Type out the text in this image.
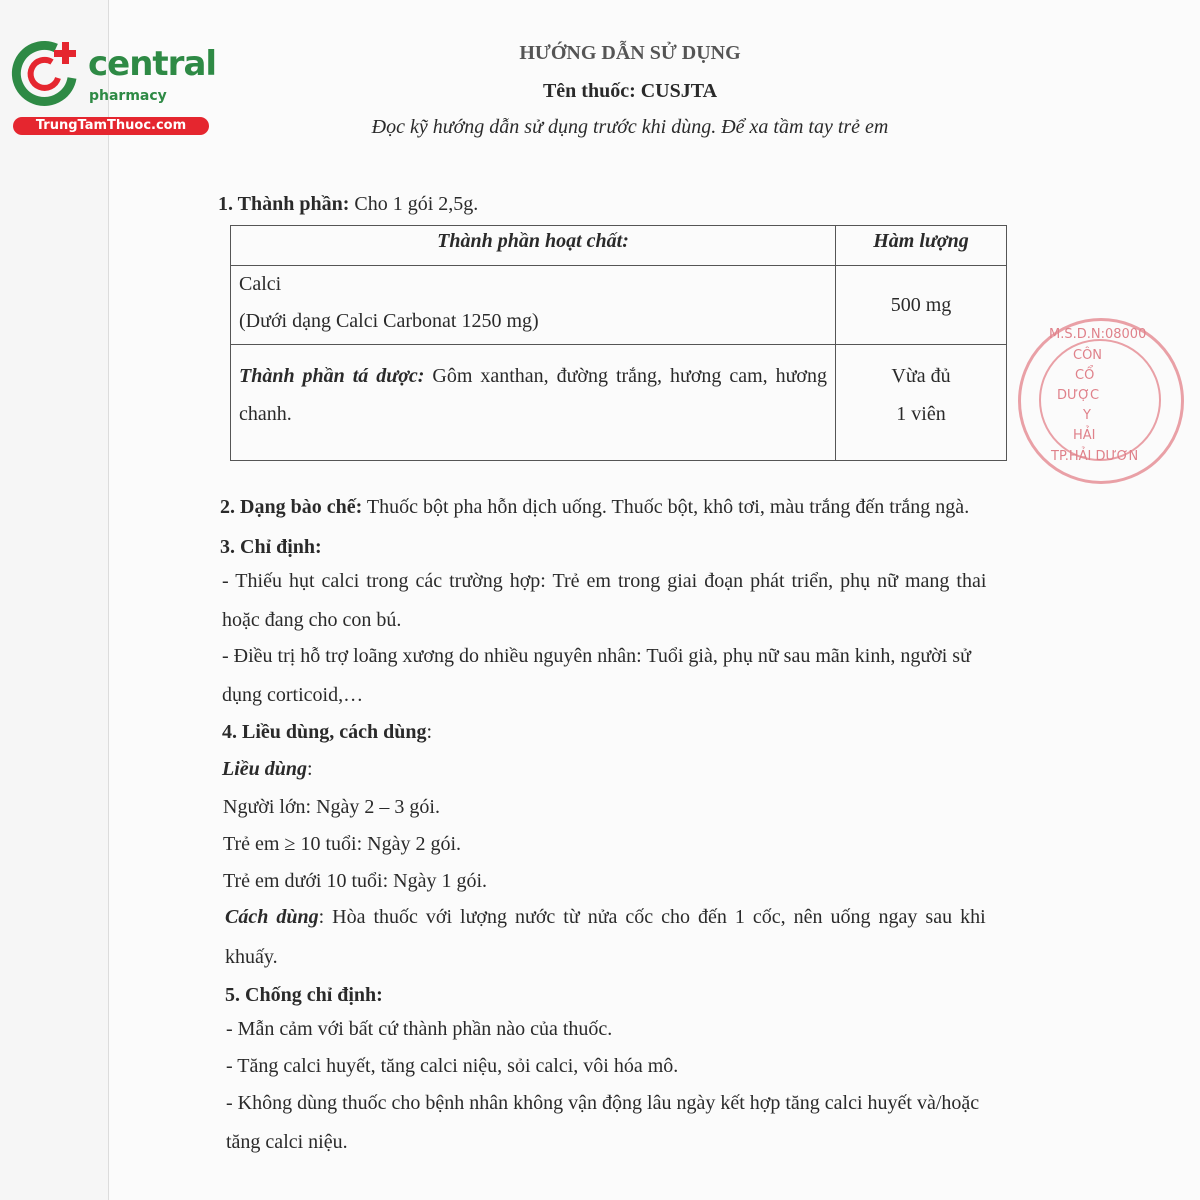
central
pharmacy
TrungTamThuoc.com
HƯỚNG DẪN SỬ DỤNG
Tên thuốc: CUSJTA
Đọc kỹ hướng dẫn sử dụng trước khi dùng. Để xa tầm tay trẻ em
1. Thành phần: Cho 1 gói 2,5g.
Thành phần hoạt chất:	Hàm lượng

Calci
(Dưới dạng Calci Carbonat 1250 mg)	500 mg
Thành phần tá dược: Gôm xanthan, đường trắng, hương cam, hương chanh.	Vừa đủ
1 viên
M.S.D.N:08000
CÔN
CỔ
DƯỢC
Y
HẢI
TP.HẢI DƯƠN
2. Dạng bào chế: Thuốc bột pha hỗn dịch uống. Thuốc bột, khô tơi, màu trắng đến trắng ngà.
3. Chỉ định:
- Thiếu hụt calci trong các trường hợp: Trẻ em trong giai đoạn phát triển, phụ nữ mang thai
hoặc đang cho con bú.
- Điều trị hỗ trợ loãng xương do nhiều nguyên nhân: Tuổi già, phụ nữ sau mãn kinh, người sử
dụng corticoid,…
4. Liều dùng, cách dùng:
Liều dùng:
Người lớn: Ngày 2 – 3 gói.
Trẻ em ≥ 10 tuổi: Ngày 2 gói.
Trẻ em dưới 10 tuổi: Ngày 1 gói.
Cách dùng: Hòa thuốc với lượng nước từ nửa cốc cho đến 1 cốc, nên uống ngay sau khi
khuấy.
5. Chống chỉ định:
- Mẫn cảm với bất cứ thành phần nào của thuốc.
- Tăng calci huyết, tăng calci niệu, sỏi calci, vôi hóa mô.
- Không dùng thuốc cho bệnh nhân không vận động lâu ngày kết hợp tăng calci huyết và/hoặc
tăng calci niệu.
